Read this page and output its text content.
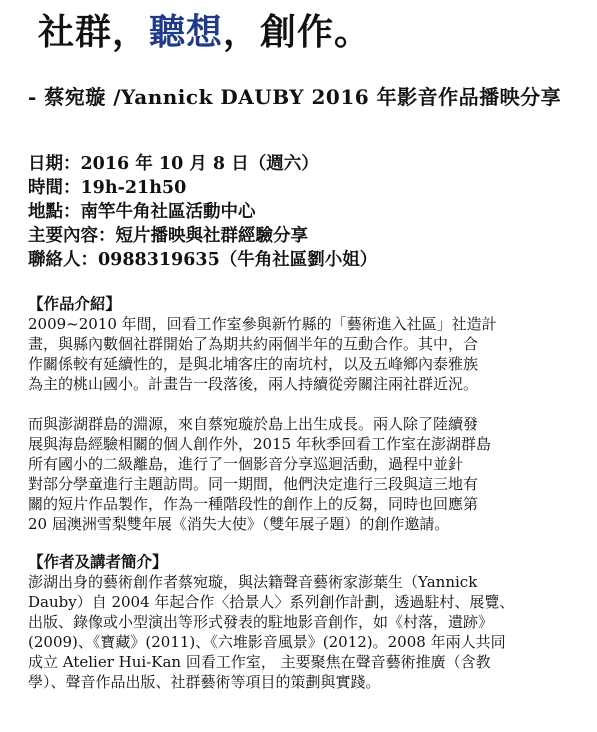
社群，聽想，創作。
- 蔡宛璇 /Yannick DAUBY 2016 年影音作品播映分享
日期：2016 年 10 月 8 日（週六）
時間：19h-21h50
地點：南竿牛角社區活動中心
主要內容：短片播映與社群經驗分享
聯絡人：0988319635（牛角社區劉小姐）
【作品介紹】
2009~2010 年間，回看工作室參與新竹縣的「藝術進入社區」社造計
畫，與縣內數個社群開始了為期共約兩個半年的互動合作。其中，合
作關係較有延續性的，是與北埔客庄的南坑村，以及五峰鄉內泰雅族
為主的桃山國小。計畫告一段落後，兩人持續從旁關注兩社群近況。
而與澎湖群島的淵源，來自蔡宛璇於島上出生成長。兩人除了陸續發
展與海島經驗相關的個人創作外，2015 年秋季回看工作室在澎湖群島
所有國小的二級離島，進行了一個影音分享巡迴活動，過程中並針
對部分學童進行主題訪問。同一期間，他們決定進行三段與這三地有
關的短片作品製作，作為一種階段性的創作上的反芻，同時也回應第
20 屆澳洲雪梨雙年展《消失大使》（雙年展子題）的創作邀請。
【作者及講者簡介】
澎湖出身的藝術創作者蔡宛璇，與法籍聲音藝術家澎葉生（Yannick
Dauby）自 2004 年起合作〈拾景人〉系列創作計劃，透過駐村、展覽、
出版、錄像或小型演出等形式發表的駐地影音創作，如《村落，遺跡》
(2009)、《寶藏》(2011)、《六堆影音風景》(2012)。2008 年兩人共同
成立 Atelier Hui-Kan 回看工作室， 主要聚焦在聲音藝術推廣（含教
學）、聲音作品出版、社群藝術等項目的策劃與實踐。
